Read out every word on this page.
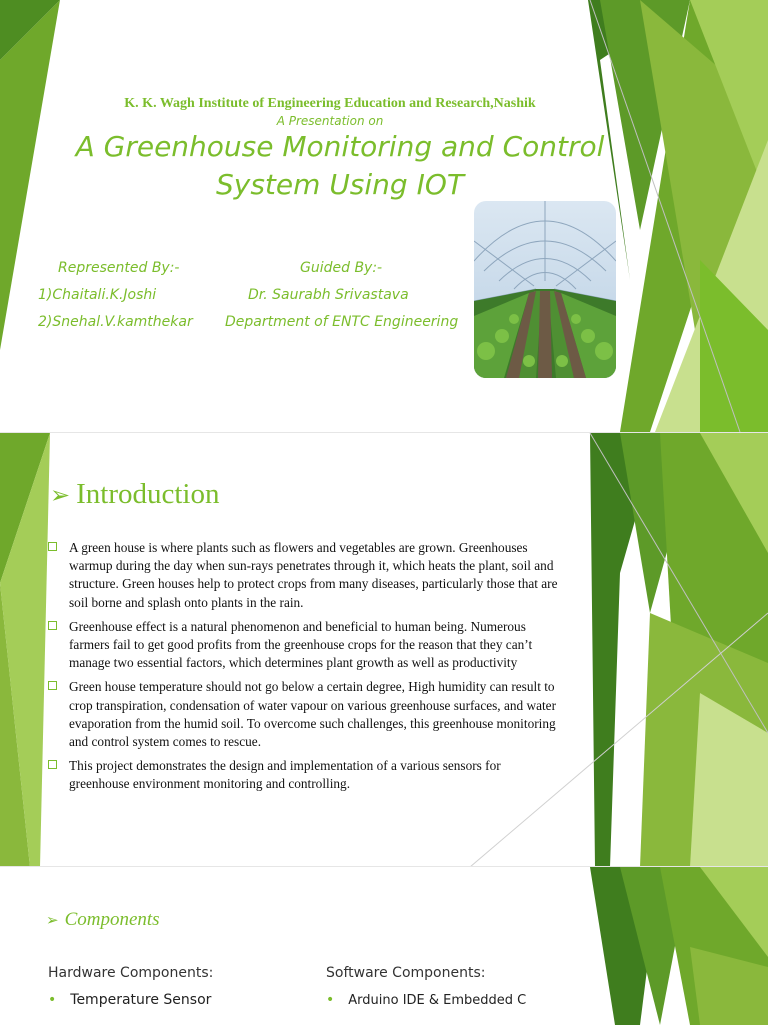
K. K. Wagh Institute of Engineering Education and Research,Nashik
A Presentation on
A Greenhouse Monitoring and Control
System Using IOT
Represented By:-
1)Chaitali.K.Joshi
2)Snehal.V.kamthekar
Guided By:-
Dr. Saurabh Srivastava
Department of ENTC Engineering
➢ Introduction
A green house is where plants such as flowers and vegetables are grown. Greenhouses warmup during the day when sun-rays penetrates through it, which heats the plant, soil and structure. Green houses help to protect crops from many diseases, particularly those that are soil borne and splash onto plants in the rain.
Greenhouse effect is a natural phenomenon and beneficial to human being. Numerous farmers fail to get good profits from the greenhouse crops for the reason that they can’t manage two essential factors, which determines plant growth as well as productivity
Green house temperature should not go below a certain degree, High humidity can result to crop transpiration, condensation of water vapour on various greenhouse surfaces, and water evaporation from the humid soil. To overcome such challenges, this greenhouse monitoring and control system comes to rescue.
This project demonstrates the design and implementation of a various sensors for greenhouse environment monitoring and controlling.
➢ Components
Hardware Components:
• Temperature Sensor
Software Components:
• Arduino IDE & Embedded C
